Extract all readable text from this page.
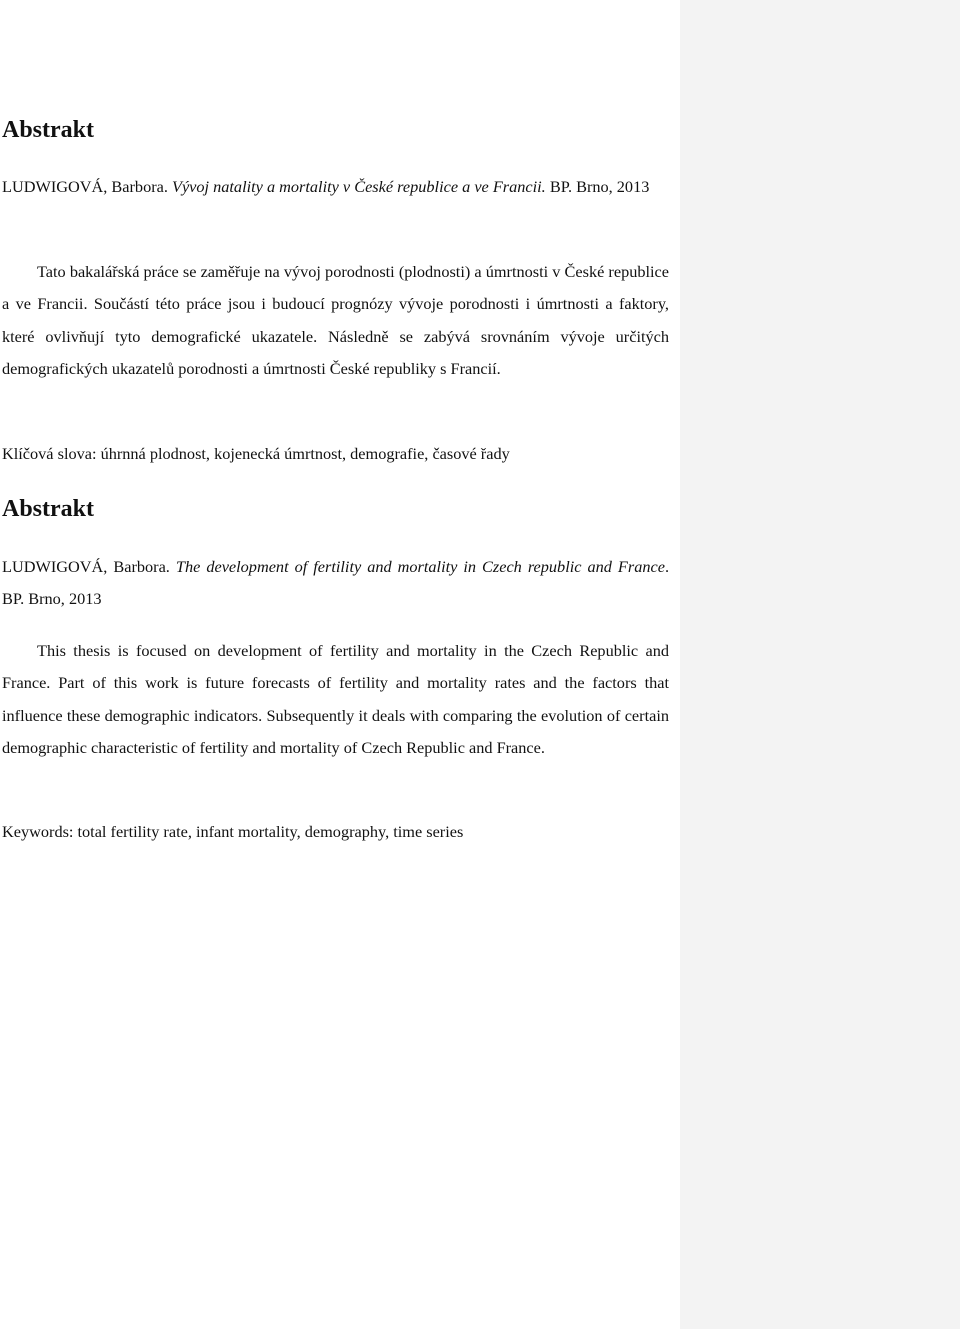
Abstrakt

LUDWIGOVÁ, Barbora. Vývoj natality a mortality v České republice a ve Francii. BP. Brno, 2013

Tato bakalářská práce se zaměřuje na vývoj porodnosti (plodnosti) a úmrtnosti v České republice a ve Francii. Součástí této práce jsou i budoucí prognózy vývoje porodnosti i úmrtnosti a faktory, které ovlivňují tyto demografické ukazatele. Následně se zabývá srovnáním vývoje určitých demografických ukazatelů porodnosti a úmrtnosti České republiky s Francií.

Klíčová slova: úhrnná plodnost, kojenecká úmrtnost, demografie, časové řady

Abstrakt

LUDWIGOVÁ, Barbora. The development of fertility and mortality in Czech republic and France. BP. Brno, 2013

This thesis is focused on development of fertility and mortality in the Czech Republic and France. Part of this work is future forecasts of fertility and mortality rates and the factors that influence these demographic indicators. Subsequently it deals with comparing the evolution of certain demographic characteristic of fertility and mortality of Czech Republic and France.

Keywords: total fertility rate, infant mortality, demography, time series
